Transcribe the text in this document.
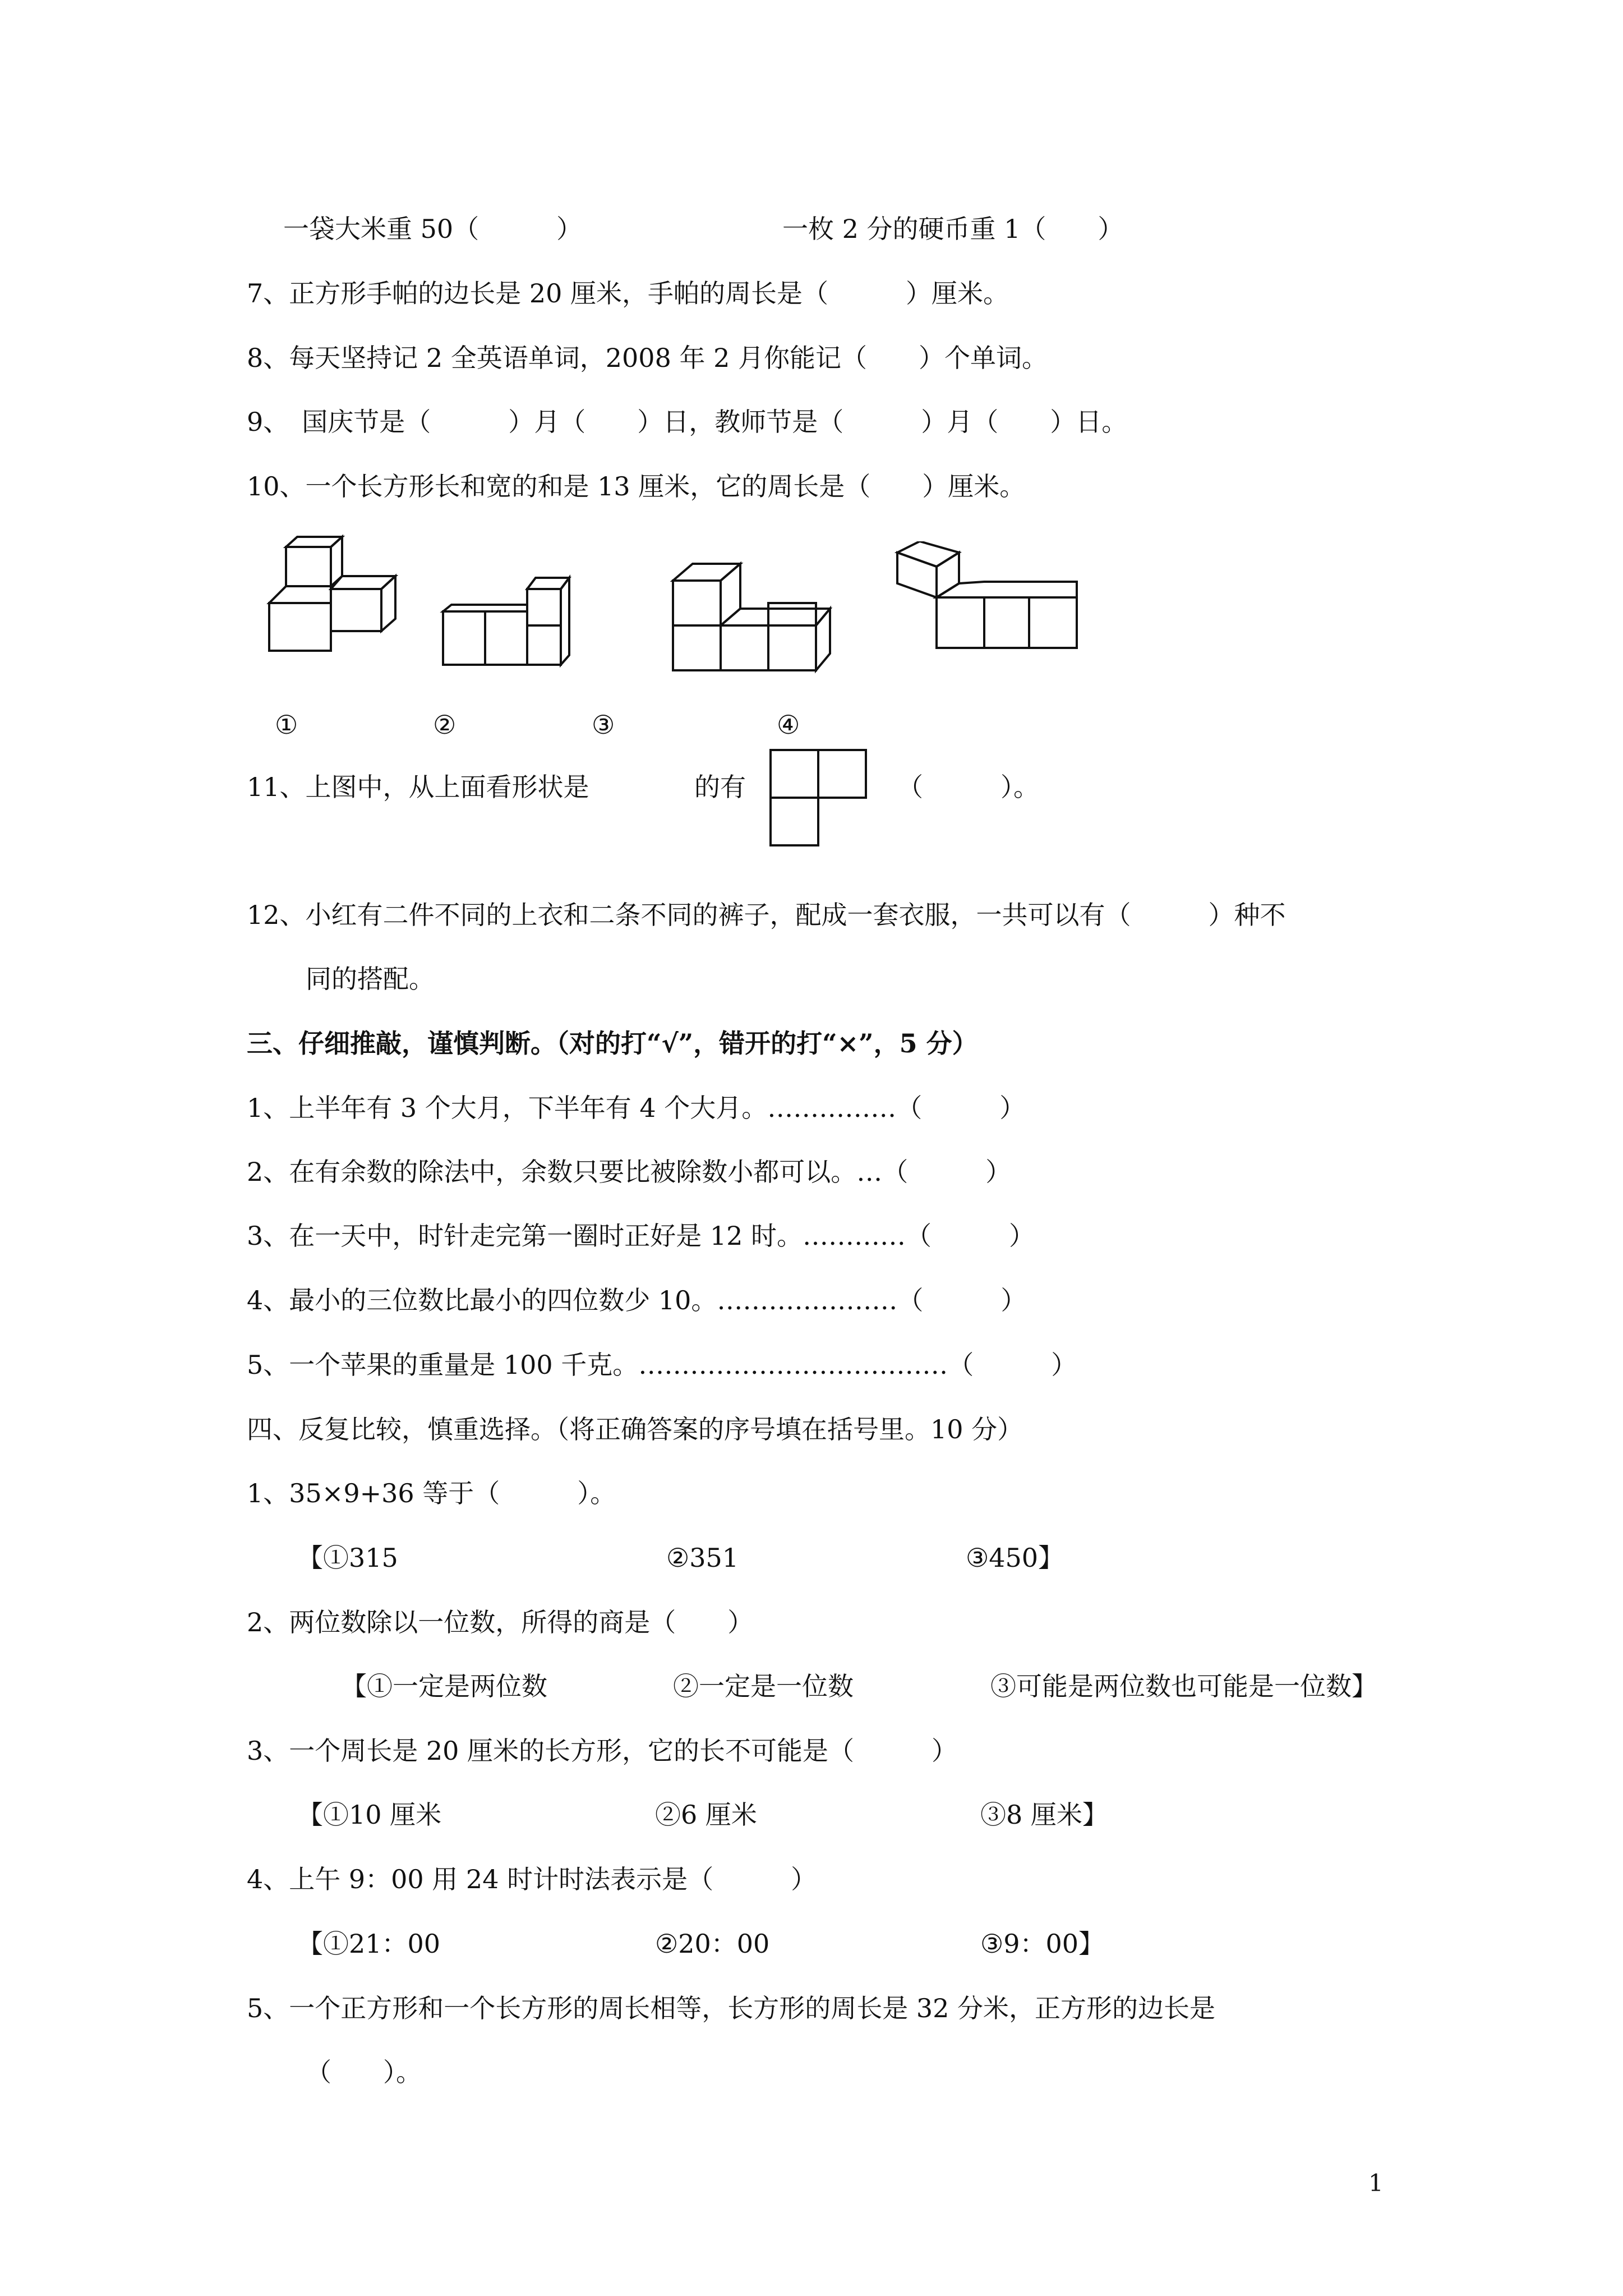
一袋大米重 50（　　　）	一枚 2 分的硬币重 1（　　）
7、正方形手帕的边长是 20 厘米，手帕的周长是（　　　）厘米。
8、每天坚持记 2 全英语单词，2008 年 2 月你能记（　　）个单词。
9、　国庆节是（　　　）月（　　）日，教师节是（　　　）月（　　）日。
10、一个长方形长和宽的和是 13 厘米，它的周长是（　　）厘米。
①	②	③	④
11、上图中，从上面看形状是	的有	（　　　）。
12、小红有二件不同的上衣和二条不同的裤子，配成一套衣服，一共可以有（　　　）种不
同的搭配。
三、仔细推敲，谨慎判断。（对的打“√”，错开的打“×”，5 分）
1、上半年有 3 个大月，下半年有 4 个大月。……………（　　　）
2、在有余数的除法中，余数只要比被除数小都可以。…（　　　）
3、在一天中，时针走完第一圈时正好是 12 时。…………（　　　）
4、最小的三位数比最小的四位数少 10。…………………（　　　）
5、一个苹果的重量是 100 千克。………………………………（　　　）
四、反复比较，慎重选择。（将正确答案的序号填在括号里。10 分）
1、35×9+36 等于（　　　）。
【①315	②351	③450】
2、两位数除以一位数，所得的商是（　　）
【①一定是两位数	②一定是一位数	③可能是两位数也可能是一位数】
3、一个周长是 20 厘米的长方形，它的长不可能是（　　　）
【①10 厘米	②6 厘米	③8 厘米】
4、上午 9：00 用 24 时计时法表示是（　　　）
【①21：00	②20：00	③9：00】
5、一个正方形和一个长方形的周长相等，长方形的周长是 32 分米，正方形的边长是
（　　）。
1
